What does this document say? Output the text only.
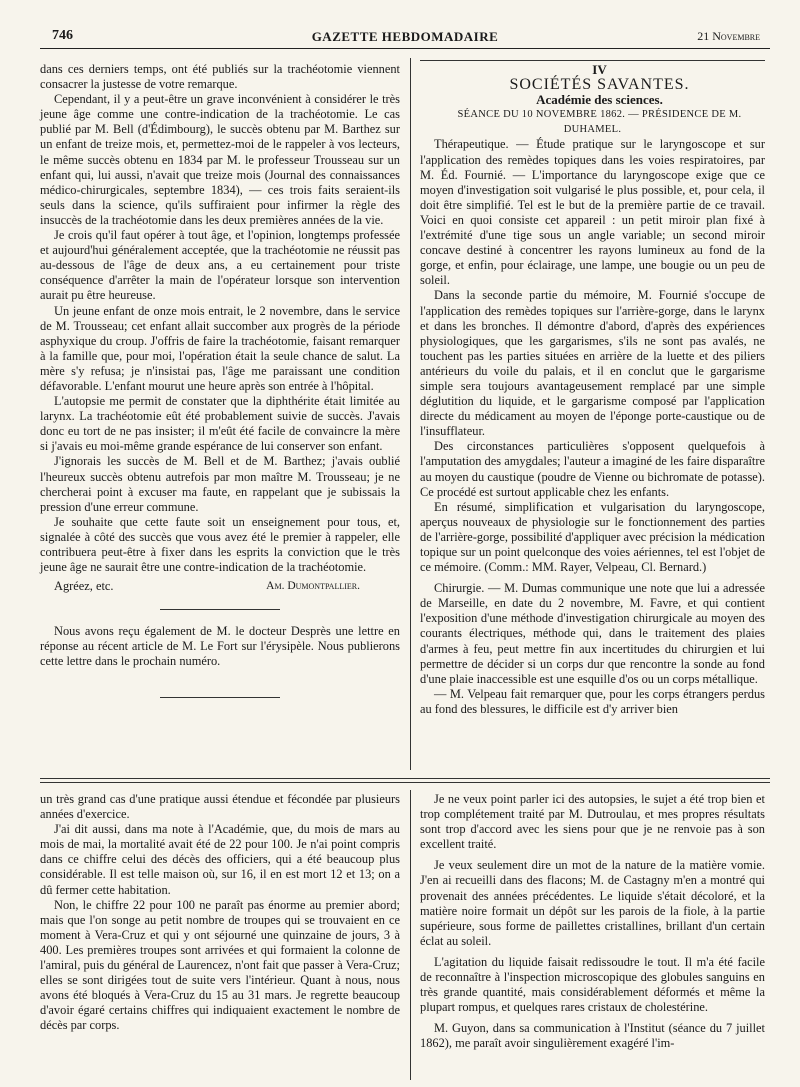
746	GAZETTE HEBDOMADAIRE	21 Novembre

dans ces derniers temps, ont été publiés sur la trachéotomie viennent consacrer la justesse de votre remarque.

Cependant, il y a peut-être un grave inconvénient à considérer le très jeune âge comme une contre-indication de la trachéotomie. Le cas publié par M. Bell (d'Édimbourg), le succès obtenu par M. Barthez sur un enfant de treize mois, et, permettez-moi de le rappeler à vos lecteurs, le même succès obtenu en 1834 par M. le professeur Trousseau sur un enfant qui, lui aussi, n'avait que treize mois (Journal des connaissances médico-chirurgicales, septembre 1834), — ces trois faits seraient-ils seuls dans la science, qu'ils suffiraient pour infirmer la règle des insuccès de la trachéotomie dans les deux premières années de la vie.

Je crois qu'il faut opérer à tout âge, et l'opinion, longtemps professée et aujourd'hui généralement acceptée, que la trachéotomie ne réussit pas au-dessous de l'âge de deux ans, a eu certainement pour triste conséquence d'arrêter la main de l'opérateur lorsque son intervention aurait pu être heureuse.

Un jeune enfant de onze mois entrait, le 2 novembre, dans le service de M. Trousseau; cet enfant allait succomber aux progrès de la période asphyxique du croup. J'offris de faire la trachéotomie, faisant remarquer à la famille que, pour moi, l'opération était la seule chance de salut. La mère s'y refusa; je n'insistai pas, l'âge me paraissant une condition défavorable. L'enfant mourut une heure après son entrée à l'hôpital.

L'autopsie me permit de constater que la diphthérite était limitée au larynx. La trachéotomie eût été probablement suivie de succès. J'avais donc eu tort de ne pas insister; il m'eût été facile de convaincre la mère si j'avais eu moi-même grande espérance de lui conserver son enfant.

J'ignorais les succès de M. Bell et de M. Barthez; j'avais oublié l'heureux succès obtenu autrefois par mon maître M. Trousseau; je ne chercherai point à excuser ma faute, en rappelant que je subissais la pression d'une erreur commune.

Je souhaite que cette faute soit un enseignement pour tous, et, signalée à côté des succès que vous avez été le premier à rappeler, elle contribuera peut-être à fixer dans les esprits la conviction que le très jeune âge ne saurait être une contre-indication de la trachéotomie.

Agréez, etc.	Am. Dumontpallier.

Nous avons reçu également de M. le docteur Desprès une lettre en réponse au récent article de M. Le Fort sur l'érysipèle. Nous publierons cette lettre dans le prochain numéro.

IV

SOCIÉTÉS SAVANTES.

Académie des sciences.

SÉANCE DU 10 NOVEMBRE 1862. — PRÉSIDENCE DE M. DUHAMEL.

Thérapeutique. — Étude pratique sur le laryngoscope et sur l'application des remèdes topiques dans les voies respiratoires, par M. Éd. Fournié. — L'importance du laryngoscope exige que ce moyen d'investigation soit vulgarisé le plus possible, et, pour cela, il doit être simplifié. Tel est le but de la première partie de ce travail. Voici en quoi consiste cet appareil : un petit miroir plan fixé à l'extrémité d'une tige sous un angle variable; un second miroir concave destiné à concentrer les rayons lumineux au fond de la gorge, et enfin, pour éclairage, une lampe, une bougie ou un peu de soleil.

Dans la seconde partie du mémoire, M. Fournié s'occupe de l'application des remèdes topiques sur l'arrière-gorge, dans le larynx et dans les bronches. Il démontre d'abord, d'après des expériences physiologiques, que les gargarismes, s'ils ne sont pas avalés, ne touchent pas les parties situées en arrière de la luette et des piliers antérieurs du voile du palais, et il en conclut que le gargarisme simple sera toujours avantageusement remplacé par une simple déglutition du liquide, et le gargarisme composé par l'application directe du médicament au moyen de l'éponge porte-caustique ou de l'insufflateur.

Des circonstances particulières s'opposent quelquefois à l'amputation des amygdales; l'auteur a imaginé de les faire disparaître au moyen du caustique (poudre de Vienne ou bichromate de potasse). Ce procédé est surtout applicable chez les enfants.

En résumé, simplification et vulgarisation du laryngoscope, aperçus nouveaux de physiologie sur le fonctionnement des parties de l'arrière-gorge, possibilité d'appliquer avec précision la médication topique sur un point quelconque des voies aériennes, tel est l'objet de ce mémoire. (Comm.: MM. Rayer, Velpeau, Cl. Bernard.)

Chirurgie. — M. Dumas communique une note que lui a adressée de Marseille, en date du 2 novembre, M. Favre, et qui contient l'exposition d'une méthode d'investigation chirurgicale au moyen des courants électriques, méthode qui, dans le traitement des plaies d'armes à feu, peut mettre fin aux incertitudes du chirurgien et lui permettre de décider si un corps dur que rencontre la sonde au fond d'une plaie inaccessible est une esquille d'os ou un corps métallique.

— M. Velpeau fait remarquer que, pour les corps étrangers perdus au fond des blessures, le difficile est d'y arriver bien

un très grand cas d'une pratique aussi étendue et fécondée par plusieurs années d'exercice.

J'ai dit aussi, dans ma note à l'Académie, que, du mois de mars au mois de mai, la mortalité avait été de 22 pour 100. Je n'ai point compris dans ce chiffre celui des décès des officiers, qui a été beaucoup plus considérable. Il est telle maison où, sur 16, il en est mort 12 et 13; on a dû fermer cette habitation.

Non, le chiffre 22 pour 100 ne paraît pas énorme au premier abord; mais que l'on songe au petit nombre de troupes qui se trouvaient en ce moment à Vera-Cruz et qui y ont séjourné une quinzaine de jours, 3 à 400. Les premières troupes sont arrivées et qui formaient la colonne de l'amiral, puis du général de Laurencez, n'ont fait que passer à Vera-Cruz; elles se sont dirigées tout de suite vers l'intérieur. Quant à nous, nous avons été bloqués à Vera-Cruz du 15 au 31 mars. Je regrette beaucoup d'avoir égaré certains chiffres qui indiquaient exactement le nombre de décès par corps.

Je ne veux point parler ici des autopsies, le sujet a été trop bien et trop complétement traité par M. Dutroulau, et mes propres résultats sont trop d'accord avec les siens pour que je ne renvoie pas à son excellent traité.

Je veux seulement dire un mot de la nature de la matière vomie. J'en ai recueilli dans des flacons; M. de Castagny m'en a montré qui provenait des années précédentes. Le liquide s'était décoloré, et la matière noire formait un dépôt sur les parois de la fiole, à la partie supérieure, sous forme de paillettes cristallines, brillant d'un certain éclat au soleil.

L'agitation du liquide faisait redissoudre le tout. Il m'a été facile de reconnaître à l'inspection microscopique des globules sanguins en très grande quantité, mais considérablement déformés et même la plupart rompus, et quelques rares cristaux de cholestérine.

M. Guyon, dans sa communication à l'Institut (séance du 7 juillet 1862), me paraît avoir singulièrement exagéré l'im-
